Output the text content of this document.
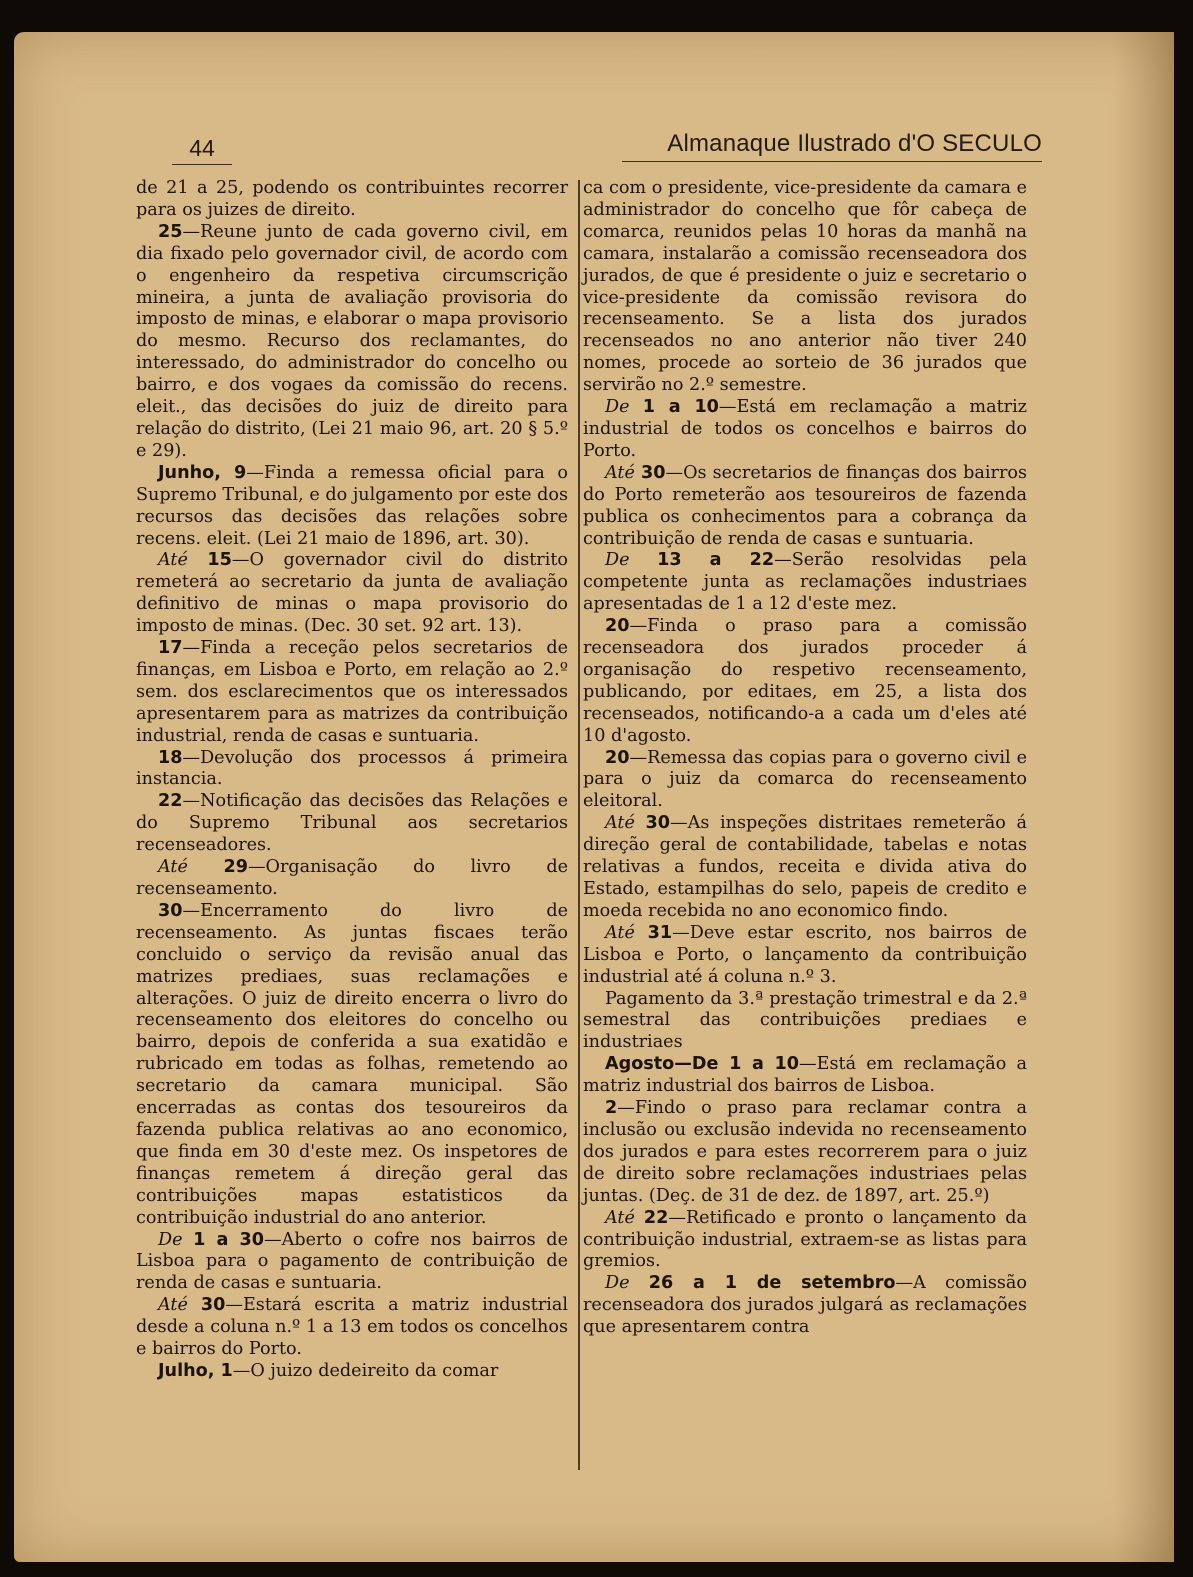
44	Almanaque Ilustrado d'O SECULO

de 21 a 25, podendo os contribuintes recorrer para os juizes de direito.

25—Reune junto de cada governo civil, em dia fixado pelo governador civil, de acordo com o engenheiro da respetiva circumscrição mineira, a junta de avaliação provisoria do imposto de minas, e elaborar o mapa provisorio do mesmo. Recurso dos reclamantes, do interessado, do administrador do concelho ou bairro, e dos vogaes da comissão do recens. eleit., das decisões do juiz de direito para relação do distrito, (Lei 21 maio 96, art. 20 § 5.º e 29).

Junho, 9—Finda a remessa oficial para o Supremo Tribunal, e do julgamento por este dos recursos das decisões das relações sobre recens. eleit. (Lei 21 maio de 1896, art. 30).

Até 15—O governador civil do distrito remeterá ao secretario da junta de avaliação definitivo de minas o mapa provisorio do imposto de minas. (Dec. 30 set. 92 art. 13).

17—Finda a receção pelos secretarios de finanças, em Lisboa e Porto, em relação ao 2.º sem. dos esclarecimentos que os interessados apresentarem para as matrizes da contribuição industrial, renda de casas e suntuaria.

18—Devolução dos processos á primeira instancia.

22—Notificação das decisões das Relações e do Supremo Tribunal aos secretarios recenseadores.

Até 29—Organisação do livro de recenseamento.

30—Encerramento do livro de recenseamento. As juntas fiscaes terão concluido o serviço da revisão anual das matrizes prediaes, suas reclamações e alterações. O juiz de direito encerra o livro do recenseamento dos eleitores do concelho ou bairro, depois de conferida a sua exatidão e rubricado em todas as folhas, remetendo ao secretario da camara municipal. São encerradas as contas dos tesoureiros da fazenda publica relativas ao ano economico, que finda em 30 d'este mez. Os inspetores de finanças remetem á direção geral das contribuições mapas estatisticos da contribuição industrial do ano anterior.

De 1 a 30—Aberto o cofre nos bairros de Lisboa para o pagamento de contribuição de renda de casas e suntuaria.

Até 30—Estará escrita a matriz industrial desde a coluna n.º 1 a 13 em todos os concelhos e bairros do Porto.

Julho, 1—O juizo dedeireito da comar

ca com o presidente, vice-presidente da camara e administrador do concelho que fôr cabeça de comarca, reunidos pelas 10 horas da manhã na camara, instalarão a comissão recenseadora dos jurados, de que é presidente o juiz e secretario o vice-presidente da comissão revisora do recenseamento. Se a lista dos jurados recenseados no ano anterior não tiver 240 nomes, procede ao sorteio de 36 jurados que servirão no 2.º semestre.

De 1 a 10—Está em reclamação a matriz industrial de todos os concelhos e bairros do Porto.

Até 30—Os secretarios de finanças dos bairros do Porto remeterão aos tesoureiros de fazenda publica os conhecimentos para a cobrança da contribuição de renda de casas e suntuaria.

De 13 a 22—Serão resolvidas pela competente junta as reclamações industriaes apresentadas de 1 a 12 d'este mez.

20—Finda o praso para a comissão recenseadora dos jurados proceder á organisação do respetivo recenseamento, publicando, por editaes, em 25, a lista dos recenseados, notificando-a a cada um d'eles até 10 d'agosto.

20—Remessa das copias para o governo civil e para o juiz da comarca do recenseamento eleitoral.

Até 30—As inspeções distritaes remeterão á direção geral de contabilidade, tabelas e notas relativas a fundos, receita e divida ativa do Estado, estampilhas do selo, papeis de credito e moeda recebida no ano economico findo.

Até 31—Deve estar escrito, nos bairros de Lisboa e Porto, o lançamento da contribuição industrial até á coluna n.º 3.

Pagamento da 3.ª prestação trimestral e da 2.ª semestral das contribuições prediaes e industriaes

Agosto—De 1 a 10—Está em reclamação a matriz industrial dos bairros de Lisboa.

2—Findo o praso para reclamar contra a inclusão ou exclusão indevida no recenseamento dos jurados e para estes recorrerem para o juiz de direito sobre reclamações industriaes pelas juntas. (Deç. de 31 de dez. de 1897, art. 25.º)

Até 22—Retificado e pronto o lançamento da contribuição industrial, extraem-se as listas para gremios.

De 26 a 1 de setembro—A comissão recenseadora dos jurados julgará as reclamações que apresentarem contra
